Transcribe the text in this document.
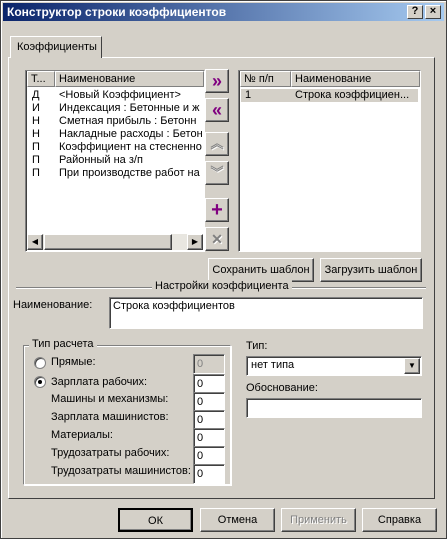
Конструктор строки коэффициентов	?	×
Коэффициенты
Т...	Наименование
Д <Новый Коэффициент>
И Индексация : Бетонные и ж
Н Сметная прибыль : Бетонн
Н Накладные расходы : Бетон
П Коэффициент на стесненно
П Районный на з/п
П При производстве работ на
◀	▶
»
«
︽
︾
+
✕
№ п/п	Наименование
1	Строка коэффициен...
Сохранить шаблон	Загрузить шаблон
Настройки коэффициента
Наименование:	Строка коэффициентов
Тип расчета
Прямые:	0
Зарплата рабочих:	0
Машины и механизмы:	0
Зарплата машинистов:	0
Материалы:	0
Трудозатраты рабочих:	0
Трудозатраты машинистов: 0
Тип:
нет типа	▼
Обоснование:
ОК	Отмена	Применить	Справка
